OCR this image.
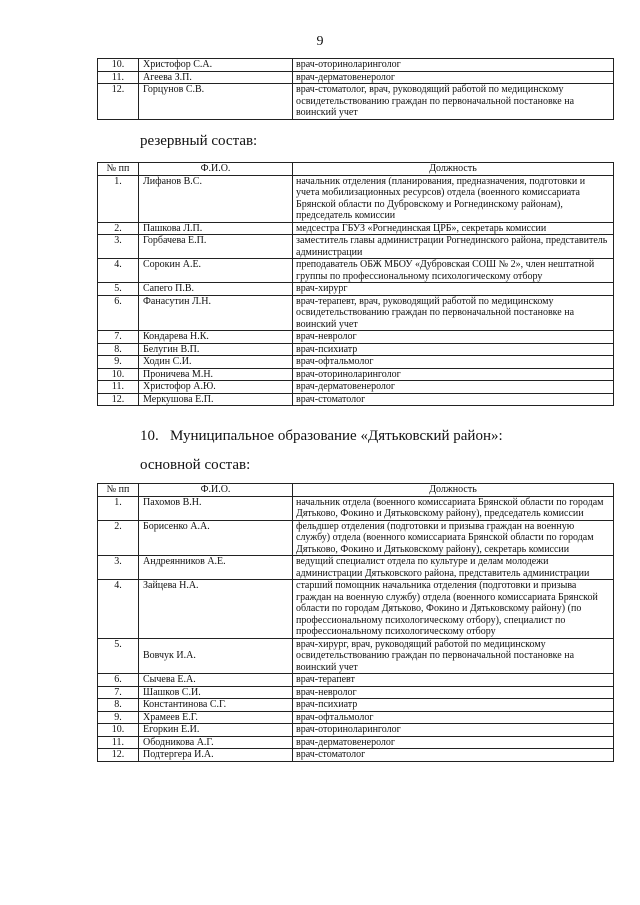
9
10.	Христофор С.А.	врач-оториноларинголог
11.	Агеева З.П.	врач-дерматовенеролог
12.	Горцунов С.В.	врач-стоматолог, врач, руководящий работой по медицинскому освидетельствованию граждан по первоначальной постановке на воинский учет
резервный состав:
№ пп	Ф.И.О.	Должность
1.	Лифанов В.С.	начальник отделения (планирования, предназначения, подготовки и учета мобилизационных ресурсов) отдела (военного комиссариата Брянской области по Дубровскому и Рогнединскому районам), председатель комиссии
2.	Пашкова Л.П.	медсестра ГБУЗ «Рогнединская ЦРБ», секретарь комиссии
3.	Горбачева Е.П.	заместитель главы администрации Рогнединского района, представитель администрации
4.	Сорокин А.Е.	преподаватель ОБЖ МБОУ «Дубровская СОШ № 2», член нештатной группы по профессиональному психологическому отбору
5.	Сапего П.В.	врач-хирург
6.	Фанасутин Л.Н.	врач-терапевт, врач, руководящий работой по медицинскому освидетельствованию граждан по первоначальной постановке на воинский учет
7.	Кондарева Н.К.	врач-невролог
8.	Белугин В.П.	врач-психиатр
9.	Ходин С.И.	врач-офтальмолог
10.	Проничева М.Н.	врач-оториноларинголог
11.	Христофор А.Ю.	врач-дерматовенеролог
12.	Меркушова Е.П.	врач-стоматолог
10.   Муниципальное образование «Дятьковский район»:
основной состав:
№ пп	Ф.И.О.	Должность
1.	Пахомов В.Н.	начальник отдела (военного комиссариата Брянской области по городам Дятьково, Фокино и Дятьковскому району), председатель комиссии
2.	Борисенко А.А.	фельдшер отделения (подготовки и призыва граждан на военную службу) отдела (военного комиссариата Брянской области по городам Дятьково, Фокино и Дятьковскому району), секретарь комиссии
3.	Андреянников А.Е.	ведущий специалист отдела по культуре и делам молодежи администрации Дятьковского района, представитель администрации
4.	Зайцева Н.А.	старший помощник начальника отделения (подготовки и призыва граждан на военную службу) отдела (военного комиссариата Брянской области по городам Дятьково, Фокино и Дятьковскому району) (по профессиональному психологическому отбору), специалист по профессиональному психологическому отбору
5.	Вовчук И.А.	врач-хирург, врач, руководящий работой по медицинскому освидетельствованию граждан по первоначальной постановке на воинский учет
6.	Сычева Е.А.	врач-терапевт
7.	Шашков С.И.	врач-невролог
8.	Константинова С.Г.	врач-психиатр
9.	Храмеев Е.Г.	врач-офтальмолог
10.	Егоркин Е.И.	врач-оториноларинголог
11.	Ободникова А.Г.	врач-дерматовенеролог
12.	Подтергера И.А.	врач-стоматолог
